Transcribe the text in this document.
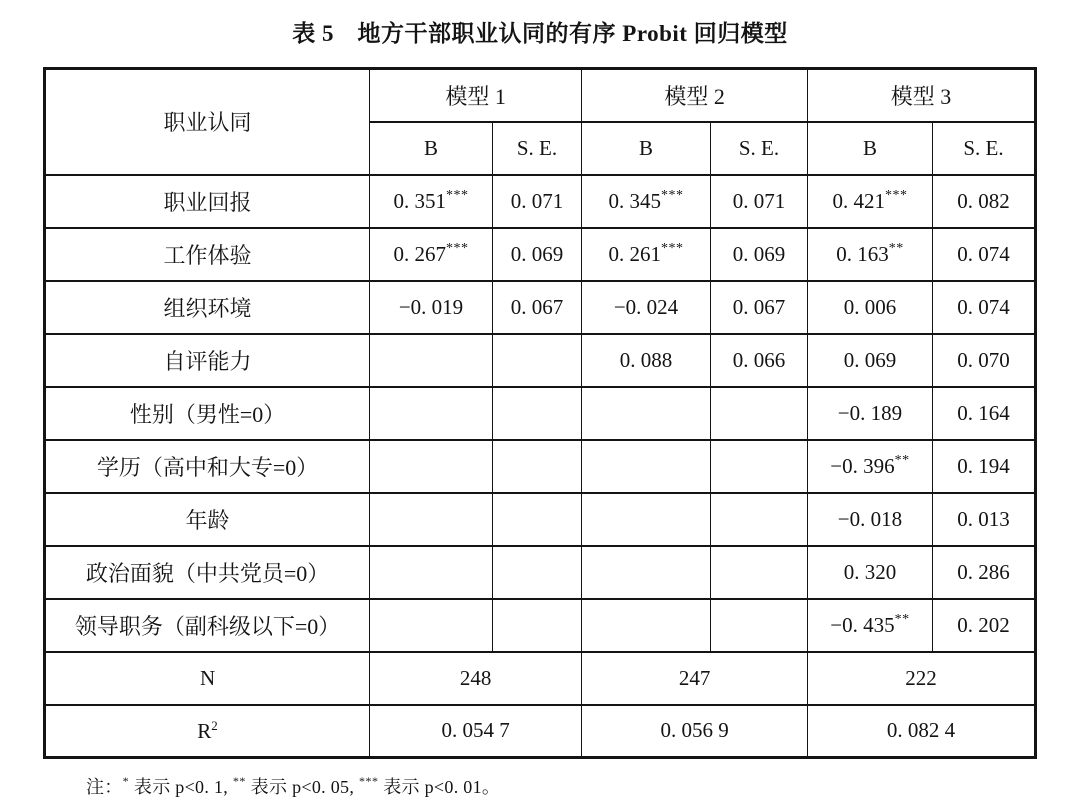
表 5　地方干部职业认同的有序 Probit 回归模型
职业认同	模型 1		模型 2		模型 3	
	B	S. E.	B	S. E.	B	S. E.
职业回报	0. 351***	0. 071	0. 345***	0. 071	0. 421***	0. 082
工作体验	0. 267***	0. 069	0. 261***	0. 069	0. 163**	0. 074
组织环境	−0. 019	0. 067	−0. 024	0. 067	0. 006	0. 074
自评能力			0. 088	0. 066	0. 069	0. 070
性别（男性=0）					−0. 189	0. 164
学历（高中和大专=0）					−0. 396**	0. 194
年龄					−0. 018	0. 013
政治面貌（中共党员=0）					0. 320	0. 286
领导职务（副科级以下=0）					−0. 435**	0. 202
N	248		247		222	
$R^2$	0. 054 7		0. 056 9		0. 082 4	
注：* 表示 p<0. 1, ** 表示 p<0. 05, *** 表示 p<0. 01。
